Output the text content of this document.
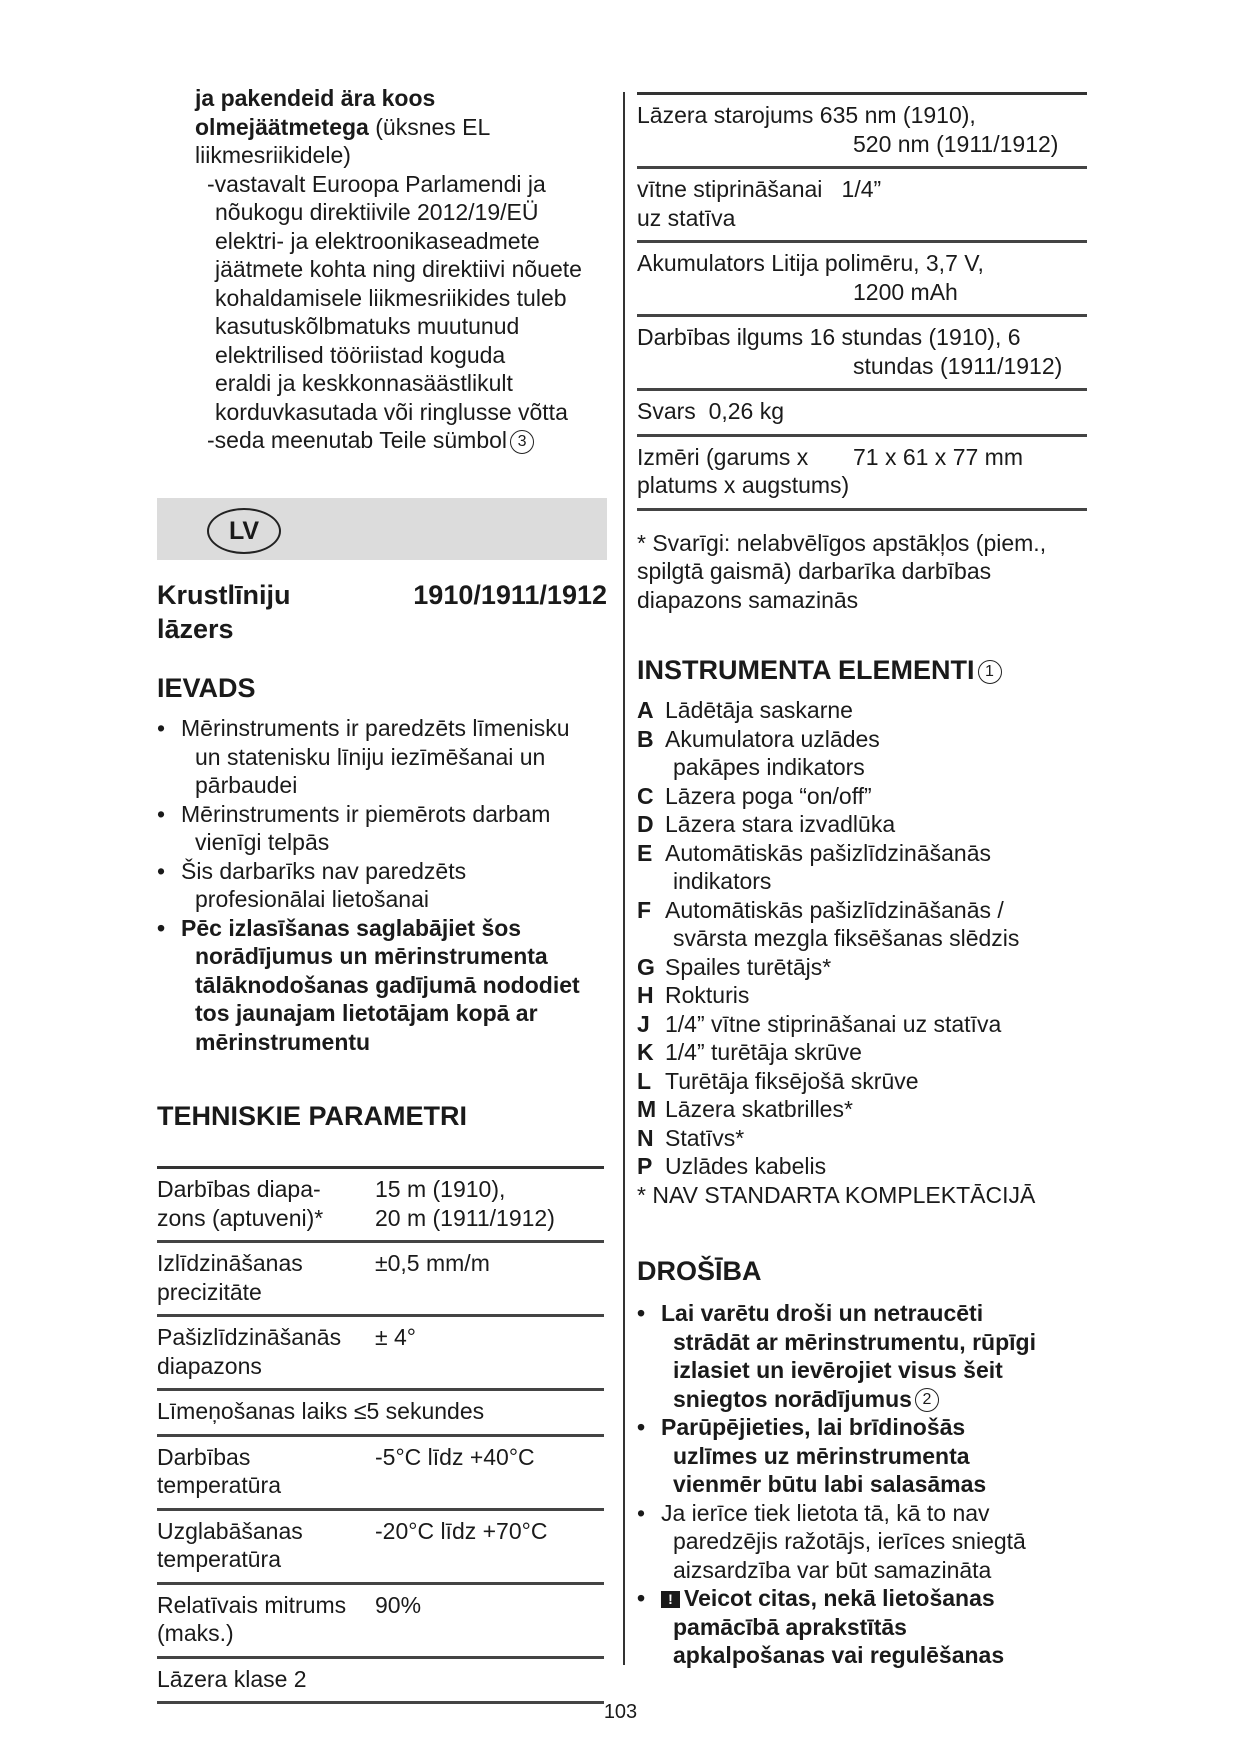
ja pakendeid ära koos
olmejäätmetega (üksnes EL
liikmesriikidele)
-vastavalt Euroopa Parlamendi ja
nõukogu direktiivile 2012/19/EÜ
elektri- ja elektroonikaseadmete
jäätmete kohta ning direktiivi nõuete
kohaldamisele liikmesriikides tuleb
kasutuskõlbmatuks muutunud
elektrilised tööriistad koguda
eraldi ja keskkonnasäästlikult
korduvkasutada või ringlusse võtta
-seda meenutab Teile sümbol 3
LV
Krustlīniju
lāzers
1910/1911/1912
IEVADS
• Mērinstruments ir paredzēts līmenisku
un statenisku līniju iezīmēšanai un
pārbaudei
• Mērinstruments ir piemērots darbam
vienīgi telpās
• Šis darbarīks nav paredzēts
profesionālai lietošanai
• Pēc izlasīšanas saglabājiet šos
norādījumus un mērinstrumenta
tālāknodošanas gadījumā nododiet
tos jaunajam lietotājam kopā ar
mērinstrumentu
TEHNISKIE PARAMETRI
Darbības diapa-
zons (aptuveni)*
15 m (1910),
20 m (1911/1912)
Izlīdzināšanas
precizitāte
±0,5 mm/m
Pašizlīdzināšanās
diapazons
± 4°
Līmeņošanas laiks ≤5 sekundes
Darbības
temperatūra
-5°C līdz +40°C
Uzglabāšanas
temperatūra
-20°C līdz +70°C
Relatīvais mitrums
(maks.)
90%
Lāzera klase 2
Lāzera starojums 635 nm (1910),
520 nm (1911/1912)
vītne stiprināšanai   1/4”
uz statīva
Akumulators Litija polimēru, 3,7 V,
1200 mAh
Darbības ilgums 16 stundas (1910), 6
stundas (1911/1912)
Svars  0,26 kg
Izmēri (garums x       71 x 61 x 77 mm
platums x augstums)
* Svarīgi: nelabvēlīgos apstākļos (piem.,
spilgtā gaismā) darbarīka darbības
diapazons samazinās
INSTRUMENTA ELEMENTI 1
A Lādētāja saskarne
B Akumulatora uzlādes
pakāpes indikators
C Lāzera poga “on/off”
D Lāzera stara izvadlūka
E Automātiskās pašizlīdzināšanās
indikators
F Automātiskās pašizlīdzināšanās /
svārsta mezgla fiksēšanas slēdzis
G Spailes turētājs*
H Rokturis
J 1/4” vītne stiprināšanai uz statīva
K 1/4” turētāja skrūve
L Turētāja fiksējošā skrūve
M Lāzera skatbrilles*
N Statīvs*
P Uzlādes kabelis
* NAV STANDARTA KOMPLEKTĀCIJĀ
DROŠĪBA
• Lai varētu droši un netraucēti
strādāt ar mērinstrumentu, rūpīgi
izlasiet un ievērojiet visus šeit
sniegtos norādījumus 2
• Parūpējieties, lai brīdinošās
uzlīmes uz mērinstrumenta
vienmēr būtu labi salasāmas
• Ja ierīce tiek lietota tā, kā to nav
paredzējis ražotājs, ierīces sniegtā
aizsardzība var būt samazināta
•	! Veicot citas, nekā lietošanas
pamācībā aprakstītās
apkalpošanas vai regulēšanas
103
